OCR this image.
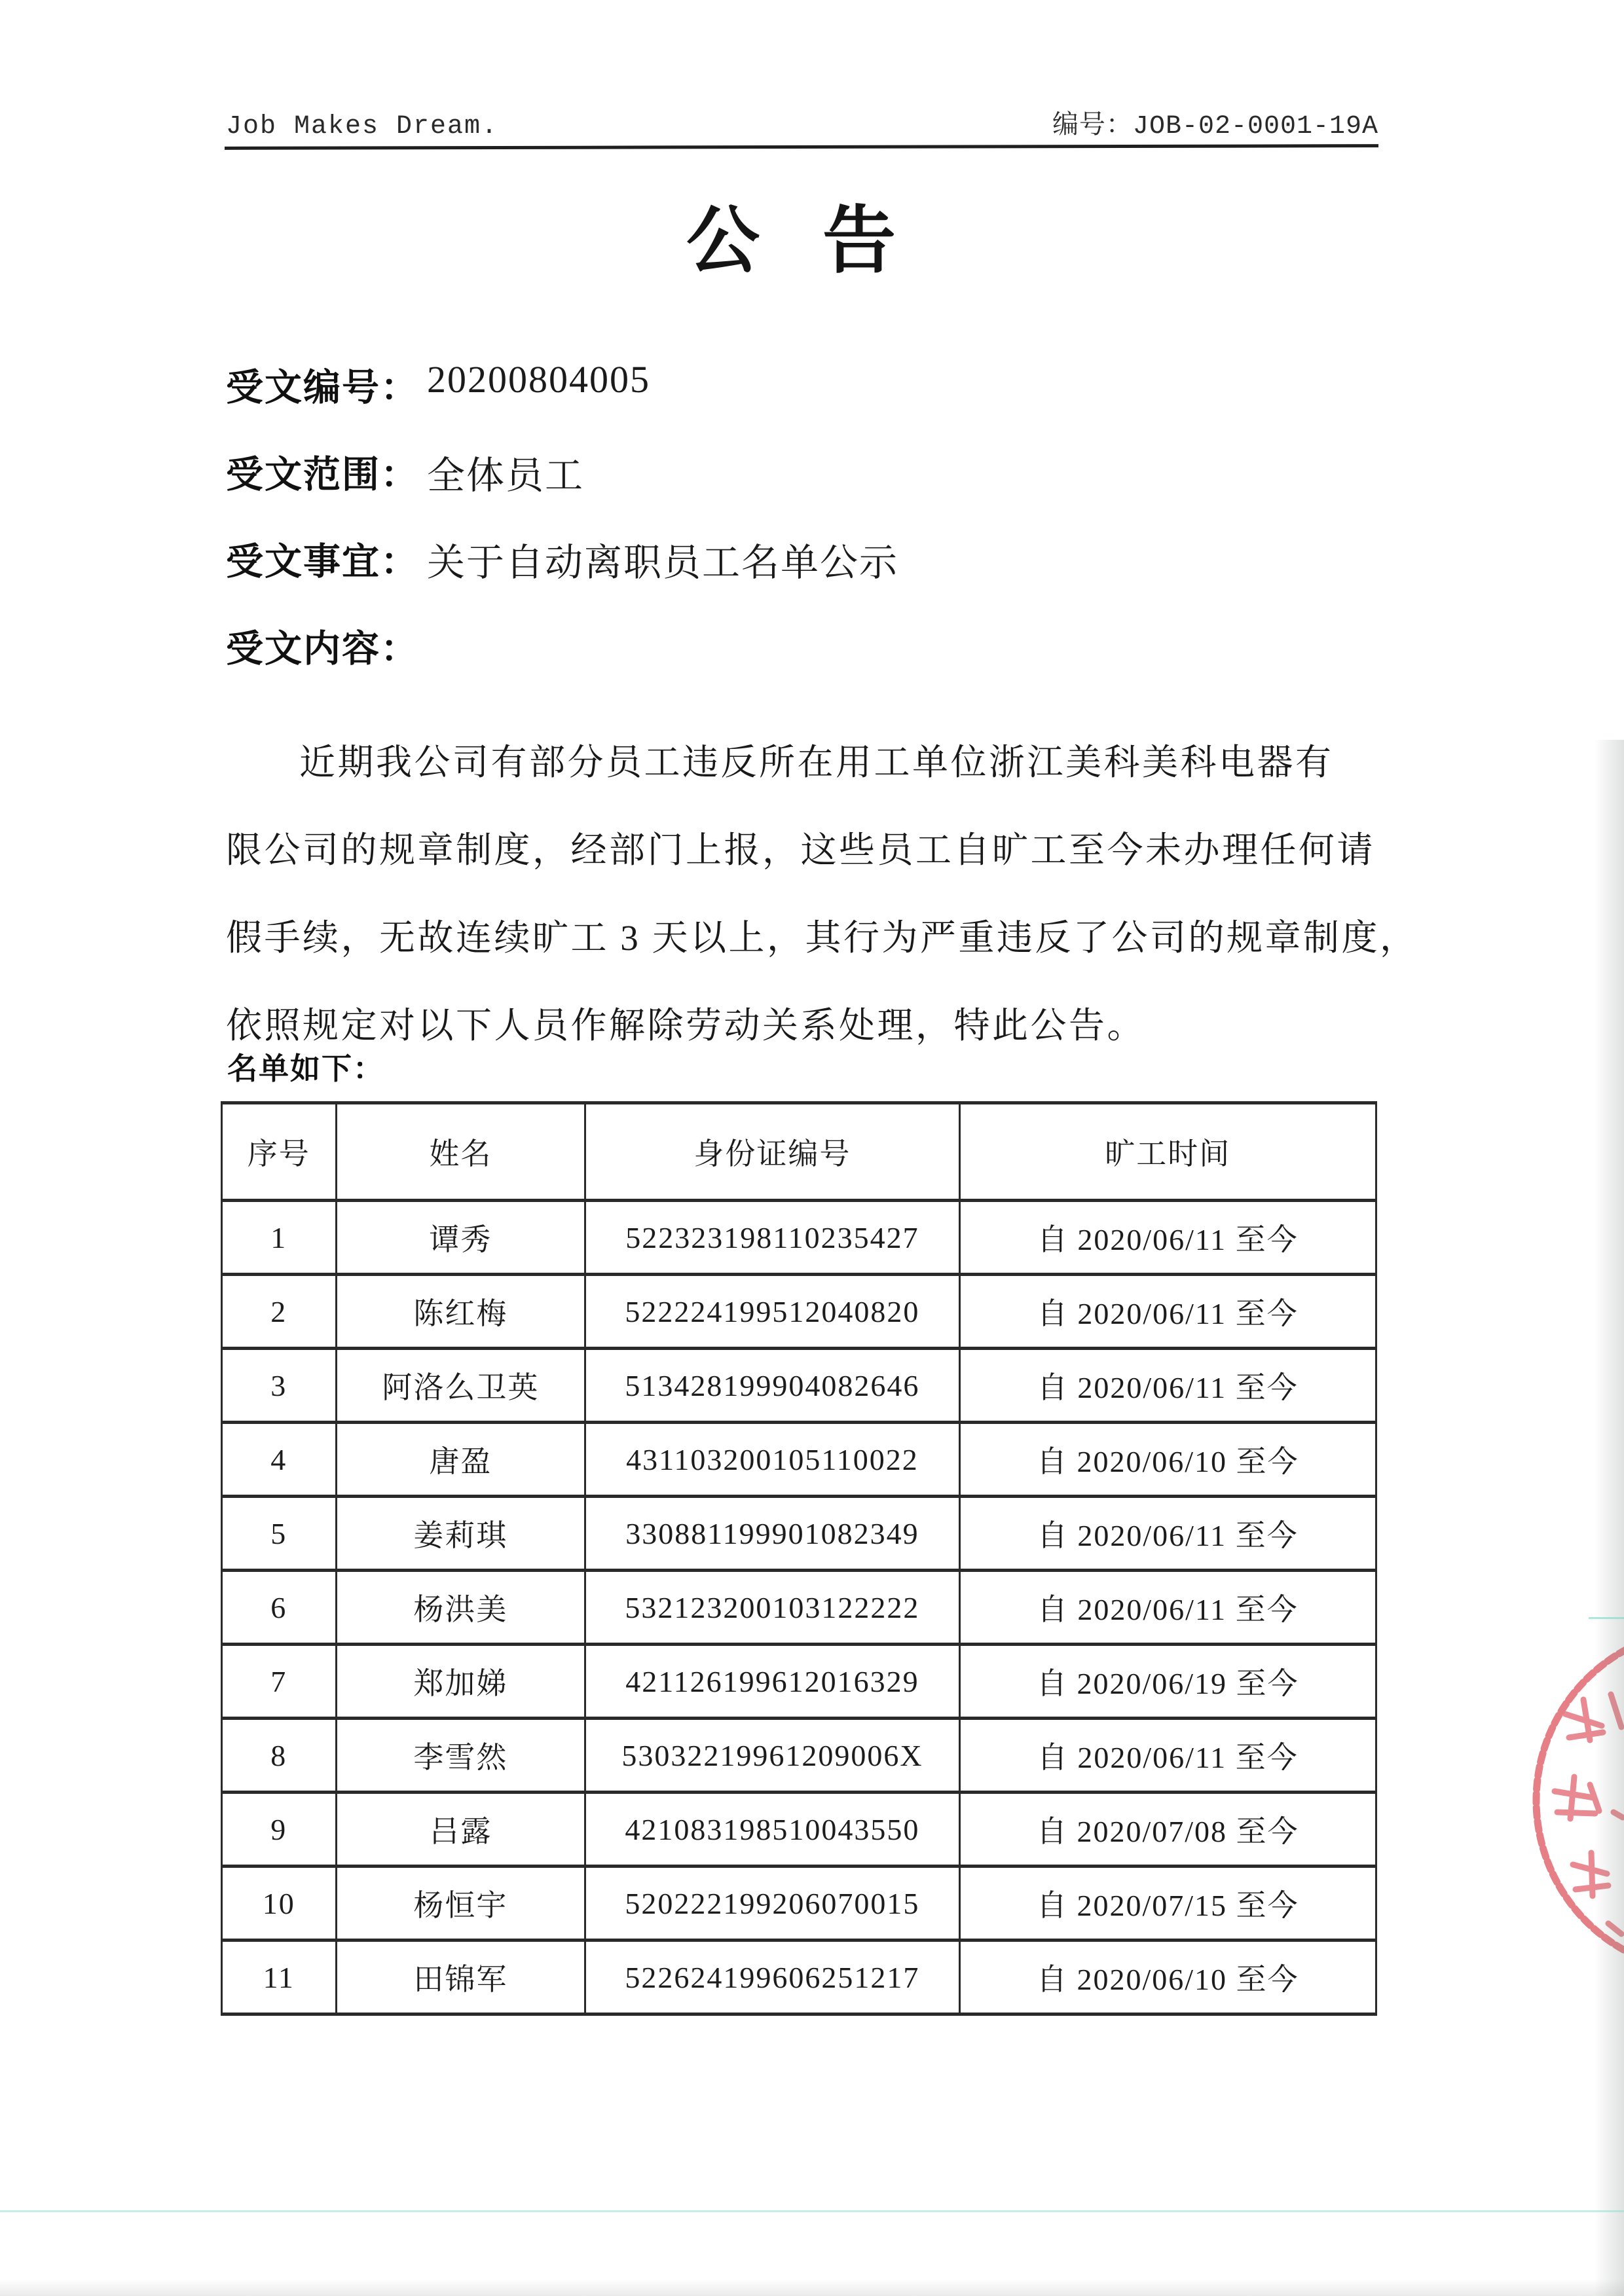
Job Makes Dream.	编号：JOB-02-0001-19A
公 告
受文编号： 20200804005
受文范围： 全体员工
受文事宜： 关于自动离职员工名单公示
受文内容：

近期我公司有部分员工违反所在用工单位浙江美科美科电器有

限公司的规章制度，经部门上报，这些员工自旷工至今未办理任何请

假手续，无故连续旷工 3 天以上，其行为严重违反了公司的规章制度，

依照规定对以下人员作解除劳动关系处理，特此公告。

名单如下：
序号	姓名	身份证编号	旷工时间
1	谭秀	522323198110235427	自 2020/06/11 至今
2	陈红梅	522224199512040820	自 2020/06/11 至今
3	阿洛么卫英	513428199904082646	自 2020/06/11 至今
4	唐盈	431103200105110022	自 2020/06/10 至今
5	姜莉琪	330881199901082349	自 2020/06/11 至今
6	杨洪美	532123200103122222	自 2020/06/11 至今
7	郑加娣	421126199612016329	自 2020/06/19 至今
8	李雪然	53032219961209006X	自 2020/06/11 至今
9	吕露	421083198510043550	自 2020/07/08 至今
10	杨恒宇	520222199206070015	自 2020/07/15 至今
11	田锦军	522624199606251217	自 2020/06/10 至今
